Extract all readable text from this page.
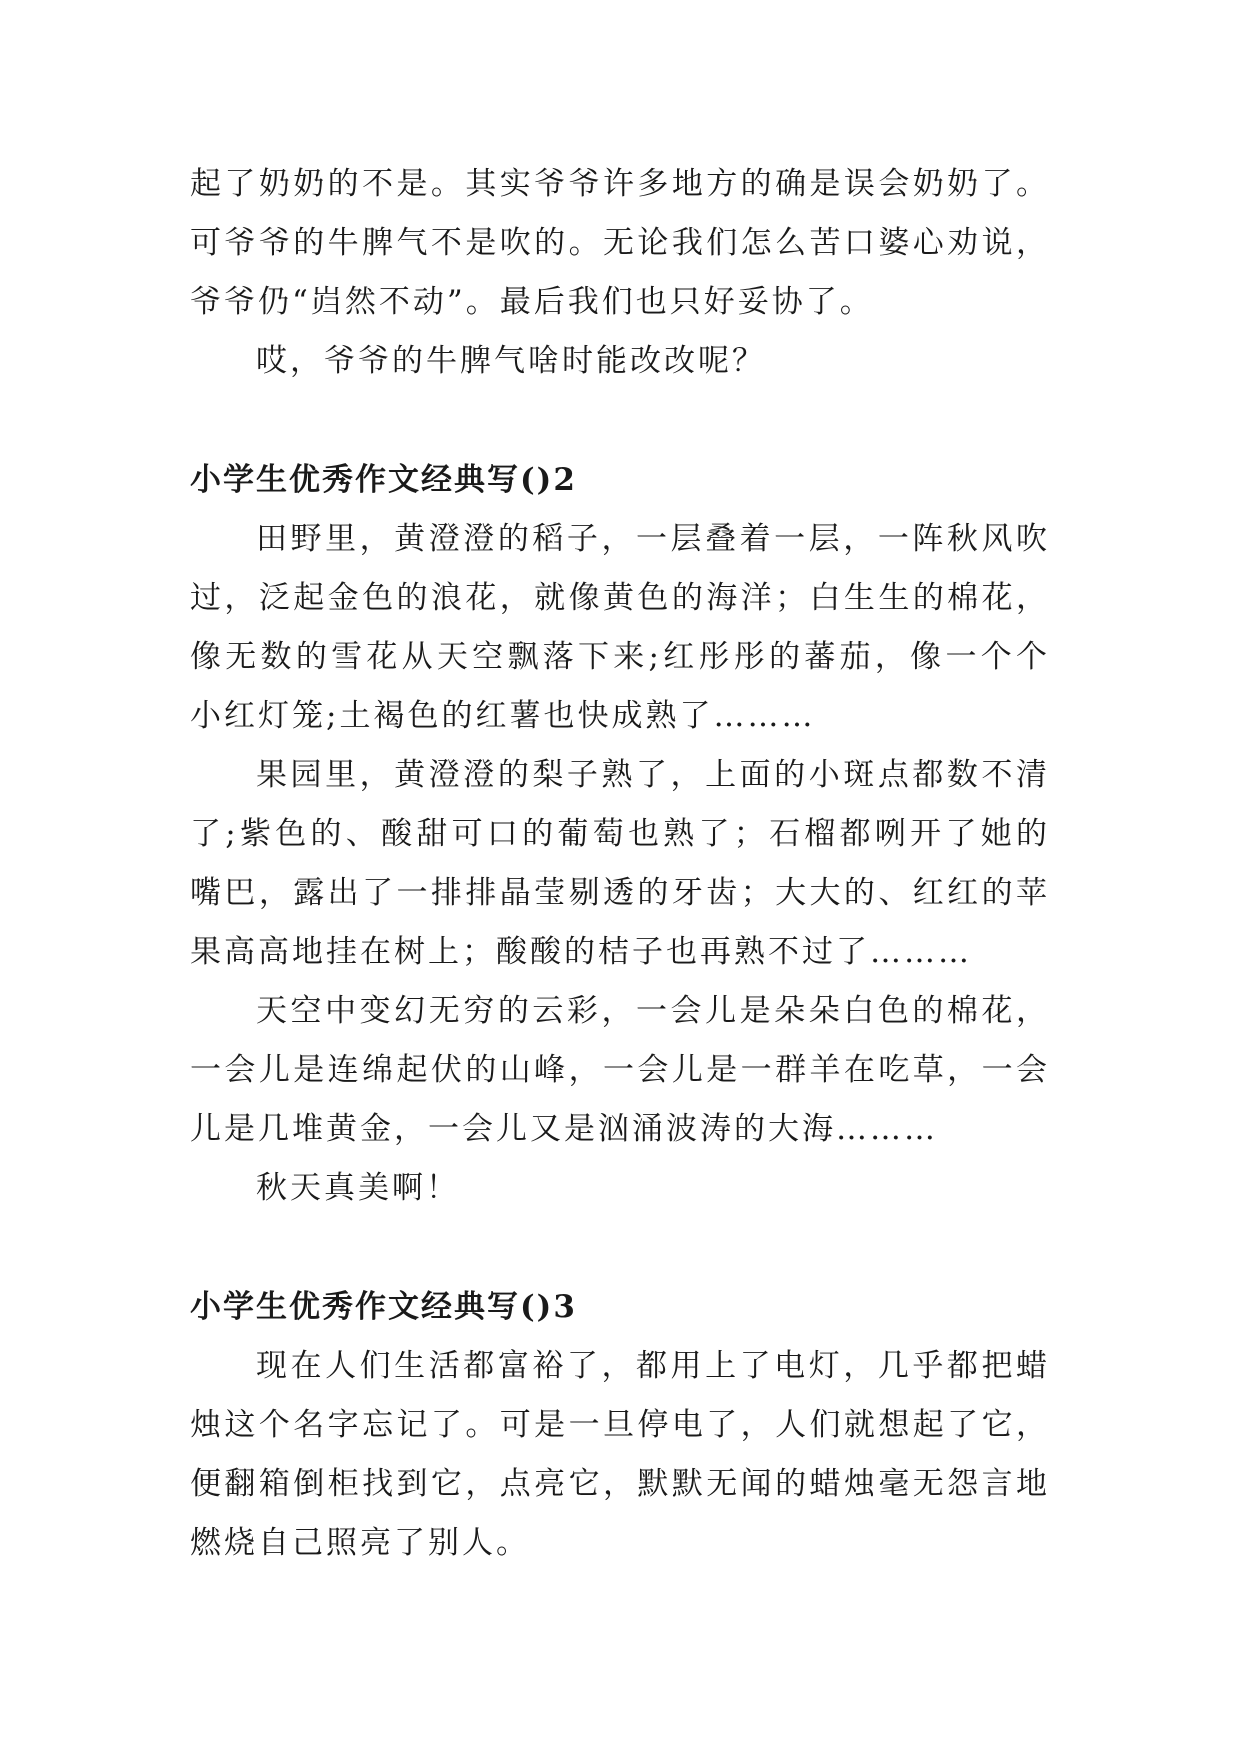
起了奶奶的不是。其实爷爷许多地方的确是误会奶奶了。可爷爷的牛脾气不是吹的。无论我们怎么苦口婆心劝说，爷爷仍“岿然不动”。最后我们也只好妥协了。

哎，爷爷的牛脾气啥时能改改呢？

小学生优秀作文经典写()2

田野里，黄澄澄的稻子，一层叠着一层，一阵秋风吹过，泛起金色的浪花，就像黄色的海洋；白生生的棉花，像无数的雪花从天空飘落下来;红彤彤的蕃茄，像一个个小红灯笼;土褐色的红薯也快成熟了………

果园里，黄澄澄的梨子熟了，上面的小斑点都数不清了;紫色的、酸甜可口的葡萄也熟了；石榴都咧开了她的嘴巴，露出了一排排晶莹剔透的牙齿；大大的、红红的苹果高高地挂在树上；酸酸的桔子也再熟不过了………

天空中变幻无穷的云彩，一会儿是朵朵白色的棉花，一会儿是连绵起伏的山峰，一会儿是一群羊在吃草，一会儿是几堆黄金，一会儿又是汹涌波涛的大海………

秋天真美啊！

小学生优秀作文经典写()3

现在人们生活都富裕了，都用上了电灯，几乎都把蜡烛这个名字忘记了。可是一旦停电了，人们就想起了它，便翻箱倒柜找到它，点亮它，默默无闻的蜡烛毫无怨言地燃烧自己照亮了别人。
